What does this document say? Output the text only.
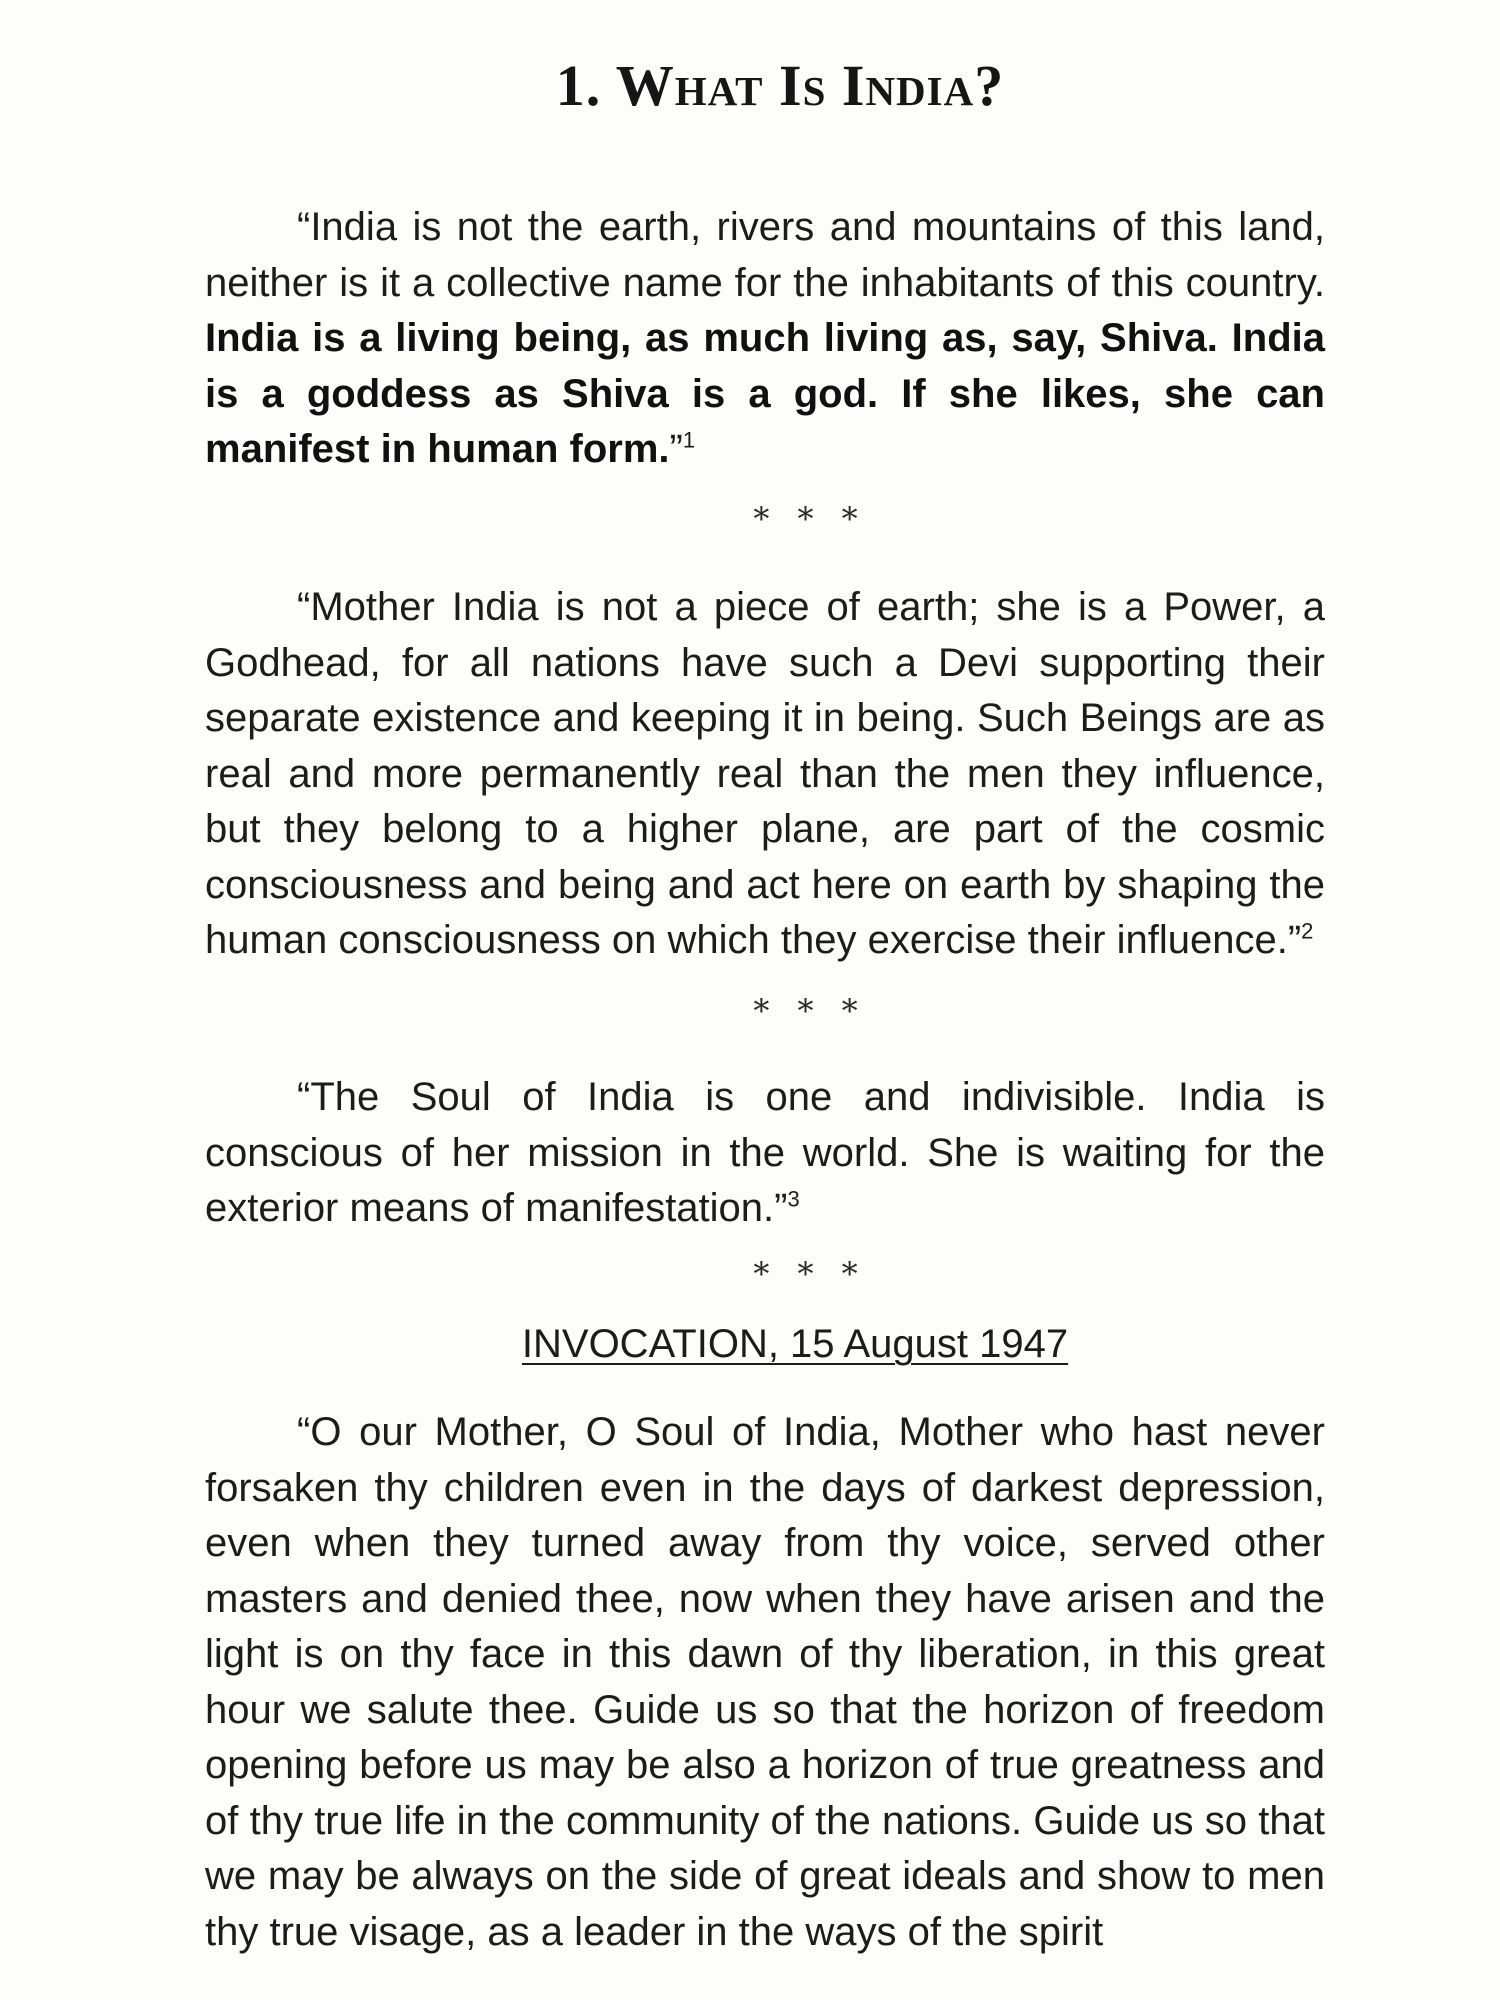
1. What Is India?

“India is not the earth, rivers and mountains of this land, neither is it a collective name for the inhabitants of this country. India is a living being, as much living as, say, Shiva. India is a goddess as Shiva is a god. If she likes, she can manifest in human form.”$^1$

* * *

“Mother India is not a piece of earth; she is a Power, a Godhead, for all nations have such a Devi supporting their separate existence and keeping it in being. Such Beings are as real and more permanently real than the men they influence, but they belong to a higher plane, are part of the cosmic consciousness and being and act here on earth by shaping the human consciousness on which they exercise their influence.”$^2$

* * *

“The Soul of India is one and indivisible. India is conscious of her mission in the world. She is waiting for the exterior means of manifestation.”$^3$

* * *
INVOCATION, 15 August 1947

“O our Mother, O Soul of India, Mother who hast never forsaken thy children even in the days of darkest depression, even when they turned away from thy voice, served other masters and denied thee, now when they have arisen and the light is on thy face in this dawn of thy liberation, in this great hour we salute thee. Guide us so that the horizon of freedom opening before us may be also a horizon of true greatness and of thy true life in the community of the nations. Guide us so that we may be always on the side of great ideals and show to men thy true visage, as a leader in the ways of the spirit
